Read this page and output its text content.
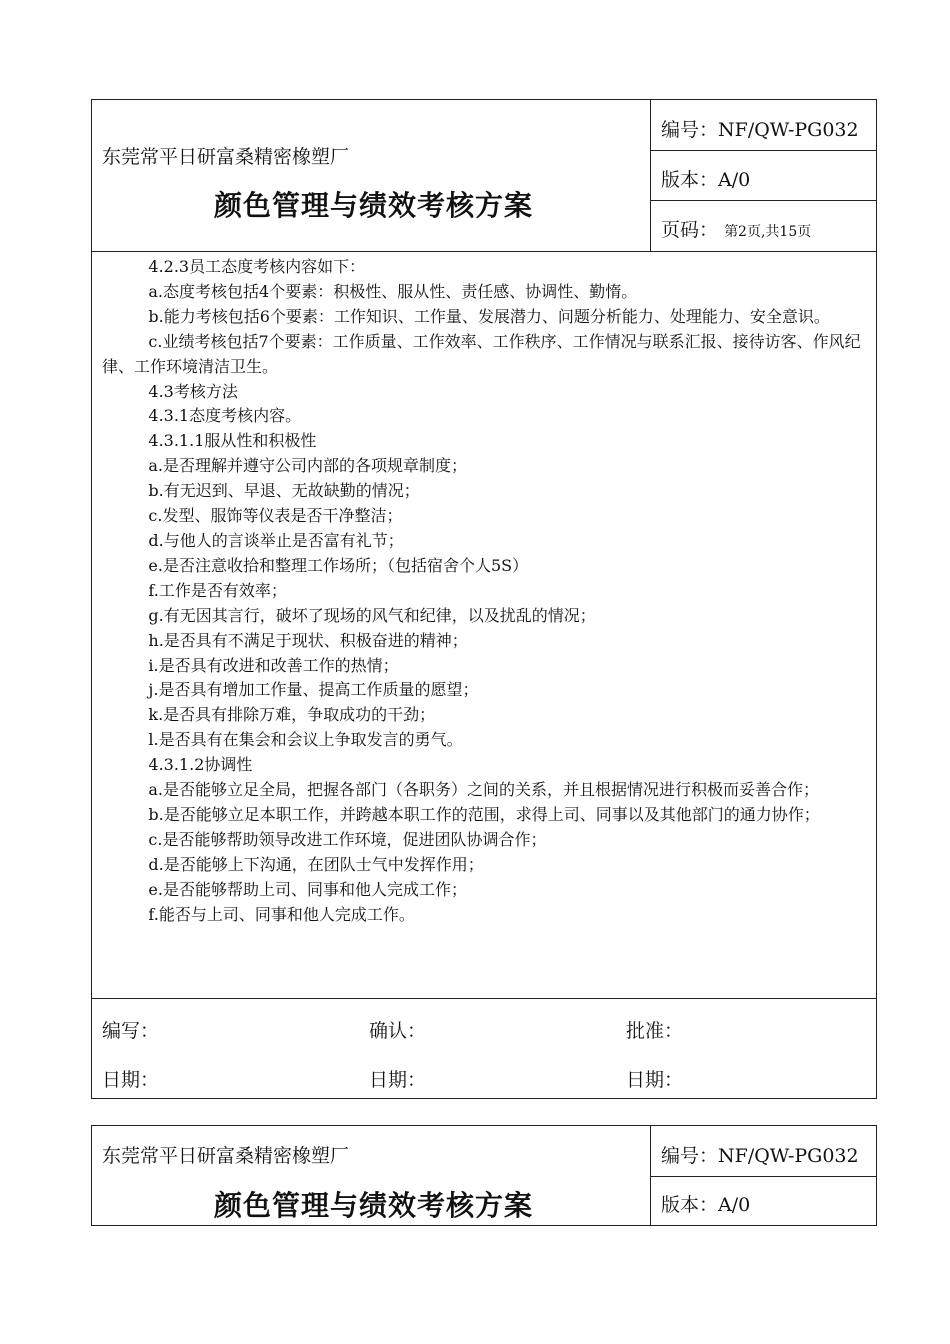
东莞常平日研富桑精密橡塑厂
颜色管理与绩效考核方案
编号：NF/QW-PG032
版本：A/0
页码： 第2页,共15页

4.2.3员工态度考核内容如下：

a.态度考核包括4个要素：积极性、服从性、责任感、协调性、勤惰。

b.能力考核包括6个要素：工作知识、工作量、发展潜力、问题分析能力、处理能力、安全意识。

c.业绩考核包括7个要素：工作质量、工作效率、工作秩序、工作情况与联系汇报、接待访客、作风纪律、工作环境清洁卫生。

4.3考核方法

4.3.1态度考核内容。

4.3.1.1服从性和积极性

a.是否理解并遵守公司内部的各项规章制度；

b.有无迟到、早退、无故缺勤的情况；

c.发型、服饰等仪表是否干净整洁；

d.与他人的言谈举止是否富有礼节；

e.是否注意收拾和整理工作场所；（包括宿舍个人5S）

f.工作是否有效率；

g.有无因其言行，破坏了现场的风气和纪律，以及扰乱的情况；

h.是否具有不满足于现状、积极奋进的精神；

i.是否具有改进和改善工作的热情；

j.是否具有增加工作量、提高工作质量的愿望；

k.是否具有排除万难，争取成功的干劲；

l.是否具有在集会和会议上争取发言的勇气。

4.3.1.2协调性

a.是否能够立足全局，把握各部门（各职务）之间的关系，并且根据情况进行积极而妥善合作；

b.是否能够立足本职工作，并跨越本职工作的范围，求得上司、同事以及其他部门的通力协作；

c.是否能够帮助领导改进工作环境，促进团队协调合作；

d.是否能够上下沟通，在团队士气中发挥作用；

e.是否能够帮助上司、同事和他人完成工作；

f.能否与上司、同事和他人完成工作。

编写：	确认：	批准：
日期：	日期：	日期：
东莞常平日研富桑精密橡塑厂
颜色管理与绩效考核方案
编号：NF/QW-PG032
版本：A/0
